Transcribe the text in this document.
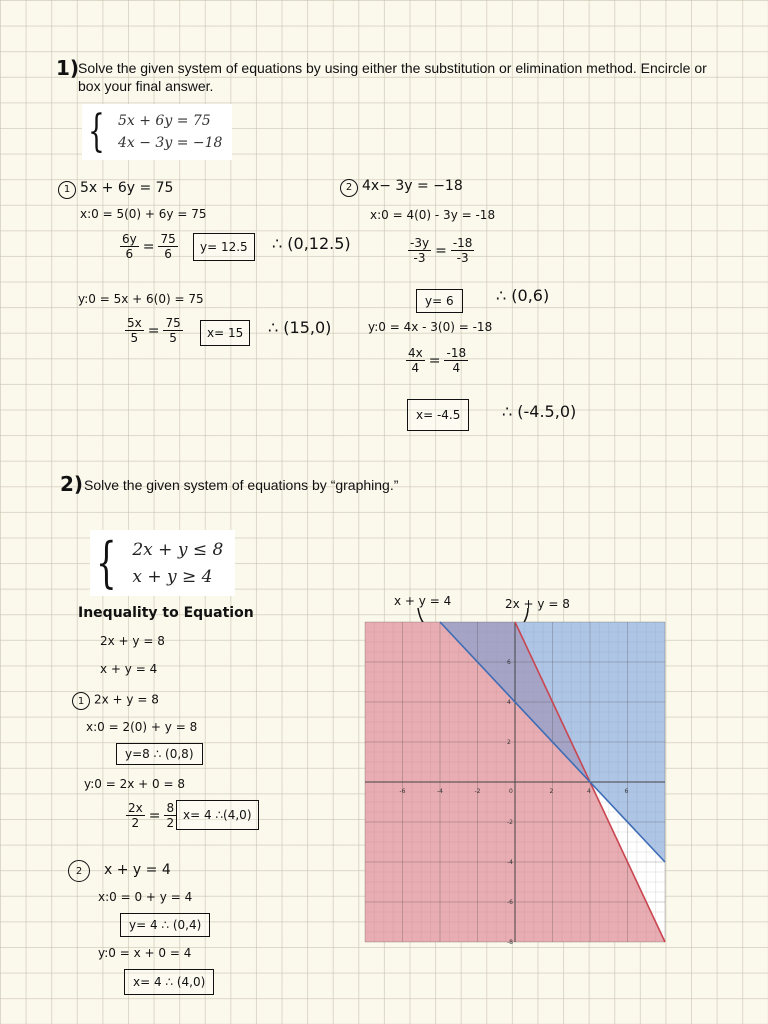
1)
Solve the given system of equations by using either the substitution or elimination method. Encircle or box your final answer.
{ 5x + 6y = 75
4x − 3y = −18
1 5x + 6y = 75
x:0 = 5(0) + 6y = 75
$\frac{6y}{6} = \frac{75}{6}$	y= 12.5	∴ (0,12.5)
y:0 = 5x + 6(0) = 75
$\frac{5x}{5} = \frac{75}{5}$	x= 15	∴ (15,0)
2 4x− 3y = −18
x:0 = 4(0) - 3y = -18
$\frac{-3y}{-3} = \frac{-18}{-3}$
y= 6	∴ (0,6)
y:0 = 4x - 3(0) = -18
$\frac{4x}{4} = \frac{-18}{4}$
x= -4.5	∴ (-4.5,0)
2) Solve the given system of equations by “graphing.”
{ 2x + y ≤ 8
x + y ≥ 4
Inequality to Equation
2x + y = 8
x + y = 4
1 2x + y = 8
x:0 = 2(0) + y = 8
y=8 ∴ (0,8)
y:0 = 2x + 0 = 8
$\frac{2x}{2} = \frac{8}{2} x= 4$ ∴(4,0)
2 x + y = 4
x:0 = 0 + y = 4
y= 4 ∴ (0,4)
y:0 = x + 0 = 4
x= 4 ∴ (4,0)
x + y = 4	2x + y = 8
-6	-4	-2	0	2	4	6
2
4
6
-2
-4
-6
-8
